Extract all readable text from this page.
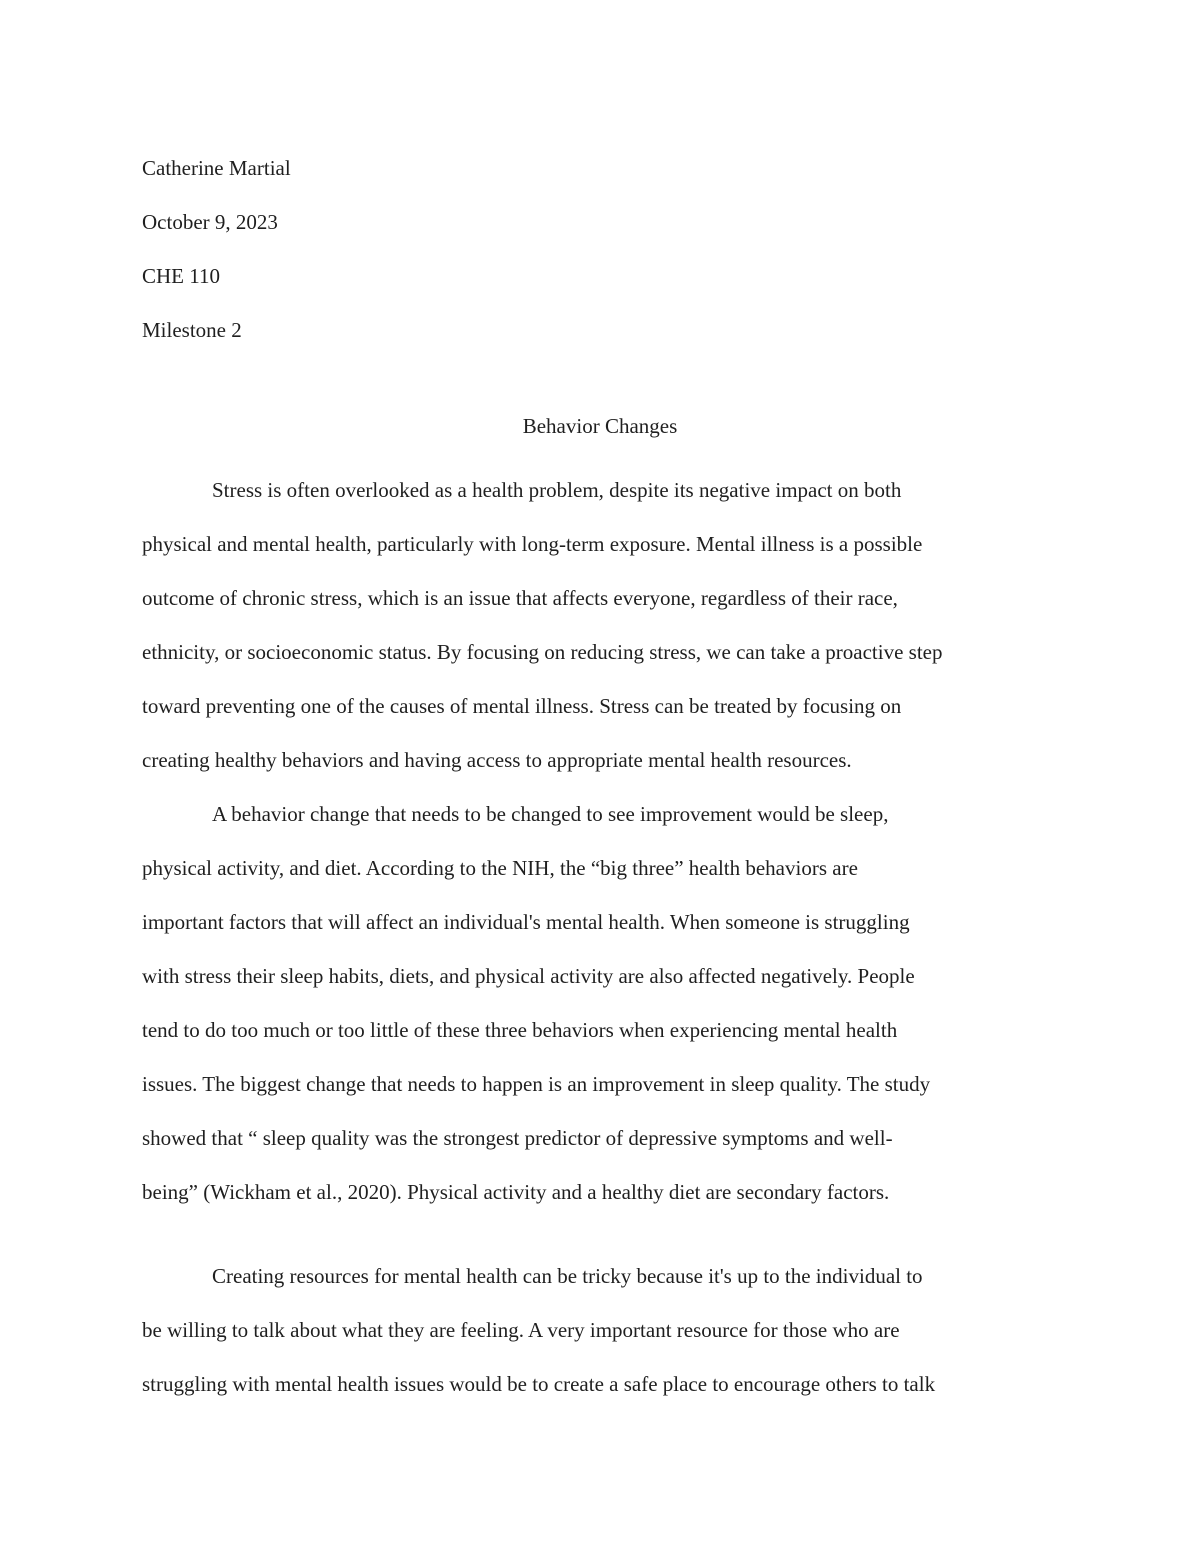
Catherine Martial
October 9, 2023
CHE 110
Milestone 2
Behavior Changes
Stress is often overlooked as a health problem, despite its negative impact on both
physical and mental health, particularly with long-term exposure. Mental illness is a possible
outcome of chronic stress, which is an issue that affects everyone, regardless of their race,
ethnicity, or socioeconomic status. By focusing on reducing stress, we can take a proactive step
toward preventing one of the causes of mental illness. Stress can be treated by focusing on
creating healthy behaviors and having access to appropriate mental health resources.
A behavior change that needs to be changed to see improvement would be sleep,
physical activity, and diet. According to the NIH, the “big three” health behaviors are
important factors that will affect an individual's mental health. When someone is struggling
with stress their sleep habits, diets, and physical activity are also affected negatively. People
tend to do too much or too little of these three behaviors when experiencing mental health
issues. The biggest change that needs to happen is an improvement in sleep quality. The study
showed that “ sleep quality was the strongest predictor of depressive symptoms and well-
being” (Wickham et al., 2020). Physical activity and a healthy diet are secondary factors.
Creating resources for mental health can be tricky because it's up to the individual to
be willing to talk about what they are feeling. A very important resource for those who are
struggling with mental health issues would be to create a safe place to encourage others to talk
